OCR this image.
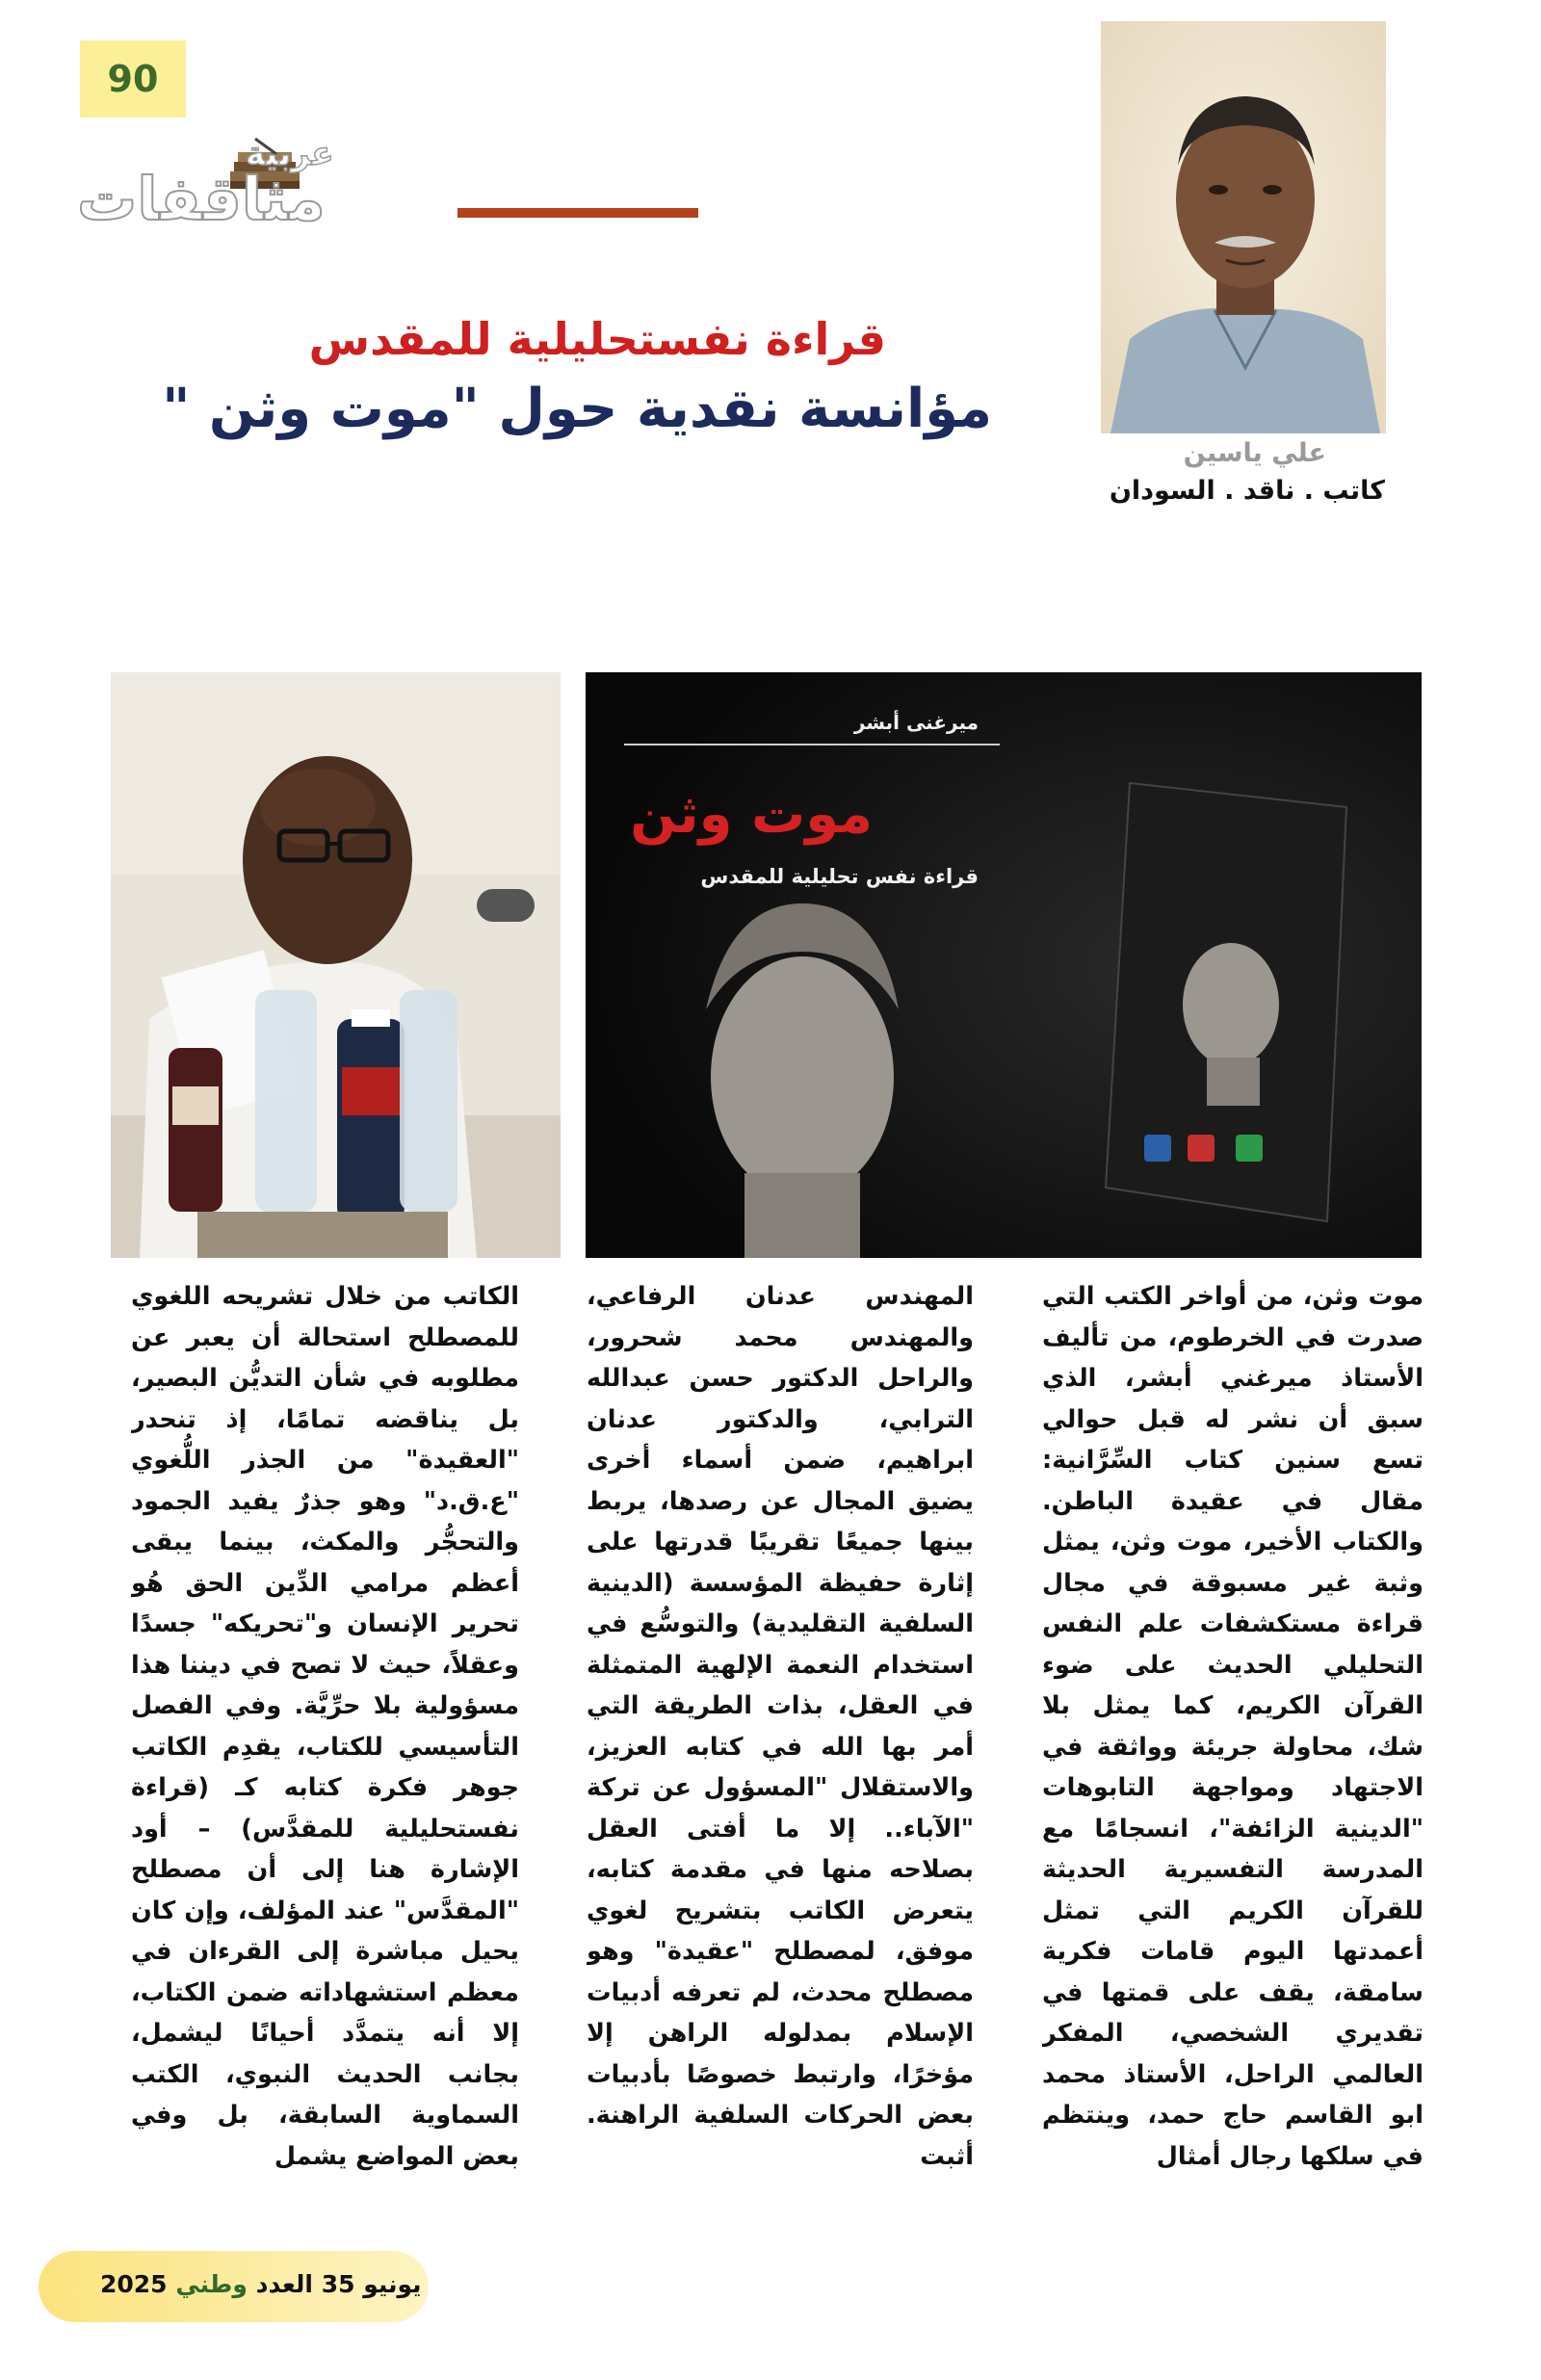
90
عربية
مثاقفات
قراءة نفستحليلية للمقدس
مؤانسة نقدية حول "موت وثن "
علي ياسين
كاتب . ناقد . السودان
ميرغنى أبشر
موت وثن
قراءة نفس تحليلية للمقدس
موت وثن، من أواخر الكتب التي صدرت في الخرطوم، من تأليف الأستاذ ميرغني أبشر، الذي سبق أن نشر له قبل حوالي تسع سنين كتاب السِّرَّانية: مقال في عقيدة الباطن. والكتاب الأخير، موت وثن، يمثل وثبة غير مسبوقة في مجال قراءة مستكشفات علم النفس التحليلي الحديث على ضوء القرآن الكريم، كما يمثل بلا شك، محاولة جريئة وواثقة في الاجتهاد ومواجهة التابوهات "الدينية الزائفة"، انسجامًا مع المدرسة التفسيرية الحديثة للقرآن الكريم التي تمثل أعمدتها اليوم قامات فكرية سامقة، يقف على قمتها في تقديري الشخصي، المفكر العالمي الراحل، الأستاذ محمد ابو القاسم حاج حمد، وينتظم في سلكها رجال أمثال
المهندس عدنان الرفاعي، والمهندس محمد شحرور، والراحل الدكتور حسن عبدالله الترابي، والدكتور عدنان ابراهيم، ضمن أسماء أخرى يضيق المجال عن رصدها، يربط بينها جميعًا تقريبًا قدرتها على إثارة حفيظة المؤسسة (الدينية السلفية التقليدية) والتوسُّع في استخدام النعمة الإلهية المتمثلة في العقل، بذات الطريقة التي أمر بها الله في كتابه العزيز، والاستقلال "المسؤول عن تركة "الآباء.. إلا ما أفتى العقل بصلاحه منها في مقدمة كتابه، يتعرض الكاتب بتشريح لغوي موفق، لمصطلح "عقيدة" وهو مصطلح محدث، لم تعرفه أدبيات الإسلام بمدلوله الراهن إلا مؤخرًا، وارتبط خصوصًا بأدبيات بعض الحركات السلفية الراهنة. أثبت
الكاتب من خلال تشريحه اللغوي للمصطلح استحالة أن يعبر عن مطلوبه في شأن التديُّن البصير، بل يناقضه تمامًا، إذ تنحدر "العقيدة" من الجذر اللُّغوي "ع.ق.د" وهو جذرٌ يفيد الجمود والتحجُّر والمكث، بينما يبقى أعظم مرامي الدِّين الحق هُو تحرير الإنسان و"تحريكه" جسدًا وعقلاً، حيث لا تصح في ديننا هذا مسؤولية بلا حرِّيَّة. وفي الفصل التأسيسي للكتاب، يقدِم الكاتب جوهر فكرة كتابه كـ (قراءة نفستحليلية للمقدَّس) – أود الإشارة هنا إلى أن مصطلح "المقدَّس" عند المؤلف، وإن كان يحيل مباشرة إلى القرءان في معظم استشهاداته ضمن الكتاب، إلا أنه يتمدَّد أحيانًا ليشمل، بجانب الحديث النبوي، الكتب السماوية السابقة، بل وفي بعض المواضع يشمل
2025	يونيو 35 العدد وطني
